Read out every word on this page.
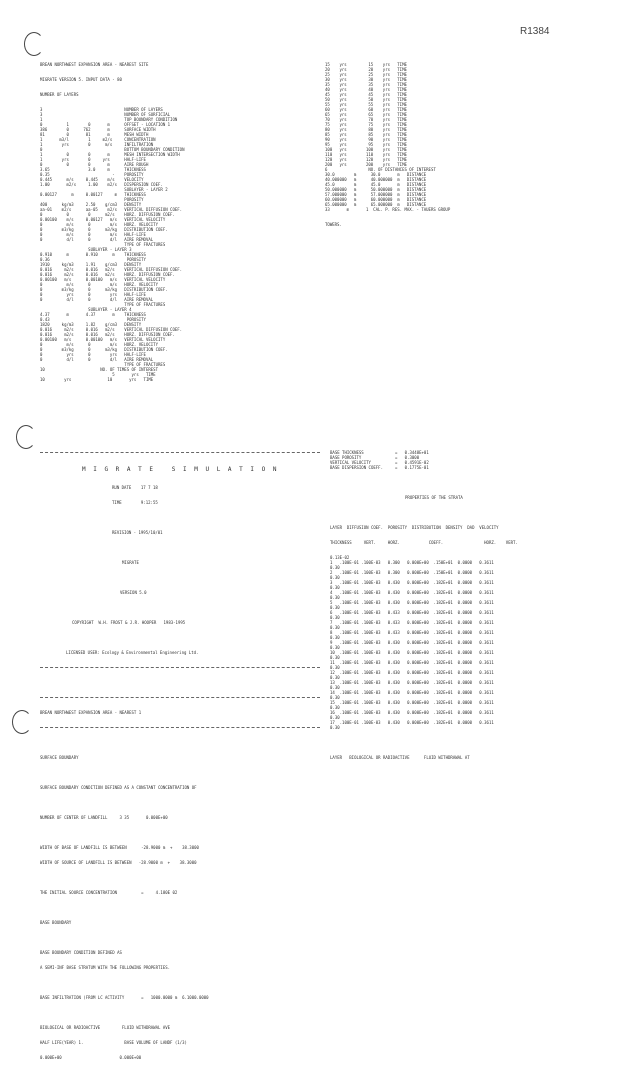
R1384

BREAN NORTHWEST EXPANSION AREA - NEAREST SITE

MIGRATE VERSION 5. INPUT DATA - 80

NUMBER OF LAYERS

3                                  NUMBER OF LAYERS
3                                  NUMBER OF SURFICIAL
1                                  TOP BOUNDARY CONDITION
0          1        0       m      OFFSET - LOCATION 1
386        0      762       m      SURFACE WIDTH
81         0       81       m      MESH WIDTH
1       m3/l        1     m2/s     CONCENTRATION
1        yrs        0      m/s     INFILTRATION
0                                  BOTTOM BOUNDARY CONDITION
1          0        0       m      MESH INTERSECTION WIDTH
1        yrs        0     yrs      HALF-LIFE
0          0        0       m      AIRE ROUGH
3.65                3.0     m      THICKNESS
0.35                          -    POROSITY
0.445      m/s     0.445    m/s    VELOCITY
1.00       m2/s     1.00    m2/s   DISPERSION COEF.
SUBLAYER - LAYER 2
0.00127      m     0.00127     m   THICKNESS
POROSITY
400      kg/m3     2.50    g/cm3   DENSITY
aa-01    m2/s      aa-05    m2/s   VERTICAL DIFFUSION COEF.
0          0        0      m2/s    HORZ. DIFFUSION COEF.
0.00100    m/s     0.00127   m/s   VERTICAL VELOCITY
0          m/s      0        m/s   HORZ. VELOCITY
0        m3/kg      0      m3/kg   DISTRIBUTION COEF.
0          m/s      0        m/s   HALF-LIFE
0          d/l      0        d/l   AIRE REMOVAL
TYPE OF FRACTURES
SUBLAYER - LAYER 3
0.910      m       0.910      m    THICKNESS
0.36                                POROSITY
1910     kg/m3     1.91    g/cm3   DENSITY
0.016     m2/s     0.016   m2/s    VERTICAL DIFFUSION COEF.
0.016     m2/s     0.016   m2/s    HORZ. DIFFUSION COEF.
0.00100   m/s      0.00100   m/s   VERTICAL VELOCITY
0          m/s      0        m/s   HORZ. VELOCITY
0        m3/kg      0      m3/kg   DISTRIBUTION COEF.
0          yrs      0        yrs   HALF-LIFE
0          d/l      0        d/l   AIRE REMOVAL
TYPE OF FRACTURES
SUBLAYER - LAYER 4
4.37       m       4.37       m    THICKNESS
0.43                                POROSITY
1820     kg/m3     1.82    g/cm3   DENSITY
0.016     m2/s     0.016   m2/s    VERTICAL DIFFUSION COEF.
0.016     m2/s     0.016   m2/s    HORZ. DIFFUSION COEF.
0.00100   m/s      0.00100   m/s   VERTICAL VELOCITY
0          m/s      0        m/s   HORZ. VELOCITY
0        m3/kg      0      m3/kg   DISTRIBUTION COEF.
0          yrs      0        yrs   HALF-LIFE
0          d/l      0        d/l   AIRE REMOVAL
TYPE OF FRACTURES
10                       NO. OF TIMES OF INTEREST
5       yrs   TIME
10        yrs               10       yrs   TIME

15    yrs         15    yrs   TIME
20    yrs         20    yrs   TIME
25    yrs         25    yrs   TIME
30    yrs         30    yrs   TIME
35    yrs         35    yrs   TIME
40    yrs         40    yrs   TIME
45    yrs         45    yrs   TIME
50    yrs         50    yrs   TIME
55    yrs         55    yrs   TIME
60    yrs         60    yrs   TIME
65    yrs         65    yrs   TIME
70    yrs         70    yrs   TIME
75    yrs         75    yrs   TIME
80    yrs         80    yrs   TIME
85    yrs         85    yrs   TIME
90    yrs         90    yrs   TIME
95    yrs         95    yrs   TIME
100   yrs        100    yrs   TIME
110   yrs        110    yrs   TIME
120   yrs        120    yrs   TIME
200   yrs        200    yrs   TIME
6                 NO. OF DISTANCES OF INTEREST
30.0        m      30.0       m   DISTANCE
40.000000   m      40.000000  m   DISTANCE
45.0        m      45.0       m   DISTANCE
50.000000   m      50.000000  m   DISTANCE
57.000000   m      57.000000  m   DISTANCE
60.000000   m      60.000000  m   DISTANCE
65.000000   m      65.000000  m   DISTANCE
33       m       1  CAL. P. RES. MAX. - TAUERS GROUP

TOWERS.

M I G R A T E   S I M U L A T I O N

RUN DATE    17 7 18

TIME        9:12:55

REVISION - 1995/10/01

MIGRATE

VERSION 5.0

COPYRIGHT  W.H. FROST & J.R. HOOPER   1983-1995

LICENSED USER: Ecology & Environmental Engineering Ltd.

BREAN NORTHWEST EXPANSION AREA - NEAREST 1

SURFACE BOUNDARY

SURFACE BOUNDARY CONDITION DEFINED AS A CONSTANT CONCENTRATION OF

NUMBER OF CENTER OF LANDFILL     3 35       0.000E+00

WIDTH OF BASE OF LANDFILL IS BETWEEN      -28.9000 m  +    38.3000

WIDTH OF SOURCE OF LANDFILL IS BETWEEN   -28.9000 m  +    38.3000

THE INITIAL SOURCE CONCENTRATION          =     4.180E 02

BASE BOUNDARY

BASE BOUNDARY CONDITION DEFINED AS

A SEMI-INF BASE STRATUM WITH THE FOLLOWING PROPERTIES.

BASE INFILTRATION (FROM LC ACTIVITY       =   1000.0000 m  6.1000.0000

BIOLOGICAL OR RADIOACTIVE         FLUID WITHDRAWAL AVE

HALF LIFE(YEAR) 1.                 BASE VOLUME OF LANDF (1/3)

0.000E+00                        0.000E+00

BASE THICKNESS             =   0.3448E+01
BASE POROSITY              =   0.3000
VERTICAL VELOCITY          =   0.4591E-02
BASE DISPERSION COEFF.     =   0.1775E-01

PROPERTIES OF THE STRATA

LAYER  DIFFUSION COEF.  POROSITY  DISTRIBUTION  DENSITY  DAD  VELOCITY

THICKNESS     VERT.     HORZ.            COEFF.                 HORZ.    VERT.

0.13E-02
1   .100E-01 .100E-03   0.300   0.000E+00  .150E+01  0.0000   0.3611
0.30
2   .100E-01 .100E-03   0.300   0.000E+00  .150E+01  0.0000   0.3611
0.30
3   .100E-01 .100E-03   0.430   0.000E+00  .182E+01  0.0000   0.3611
0.30
4   .100E-01 .100E-03   0.430   0.000E+00  .182E+01  0.0000   0.3611
0.30
5   .100E-01 .100E-03   0.430   0.000E+00  .182E+01  0.0000   0.3611
0.30
6   .100E-01 .100E-03   0.433   0.000E+00  .182E+01  0.0000   0.3611
0.30
7   .100E-01 .100E-03   0.433   0.000E+00  .182E+01  0.0000   0.3611
0.30
8   .100E-01 .100E-03   0.433   0.000E+00  .182E+01  0.0000   0.3611
0.30
9   .100E-01 .100E-03   0.430   0.000E+00  .182E+01  0.0000   0.3611
0.30
10  .100E-01 .100E-03   0.430   0.000E+00  .182E+01  0.0000   0.3611
0.30
11  .100E-01 .100E-03   0.430   0.000E+00  .182E+01  0.0000   0.3611
0.30
12  .100E-01 .100E-03   0.430   0.000E+00  .182E+01  0.0000   0.3611
0.30
13  .100E-01 .100E-03   0.430   0.000E+00  .182E+01  0.0000   0.3611
0.30
14  .100E-01 .100E-03   0.430   0.000E+00  .182E+01  0.0000   0.3611
0.30
15  .100E-01 .100E-03   0.430   0.000E+00  .182E+01  0.0000   0.3611
0.30
16  .100E-01 .100E-03   0.430   0.000E+00  .182E+01  0.0000   0.3611
0.30
17  .100E-01 .100E-03   0.430   0.000E+00  .182E+01  0.0000   0.3611
0.30

LAYER   BIOLOGICAL OR RADIOACTIVE      FLUID WITHDRAWAL AT
